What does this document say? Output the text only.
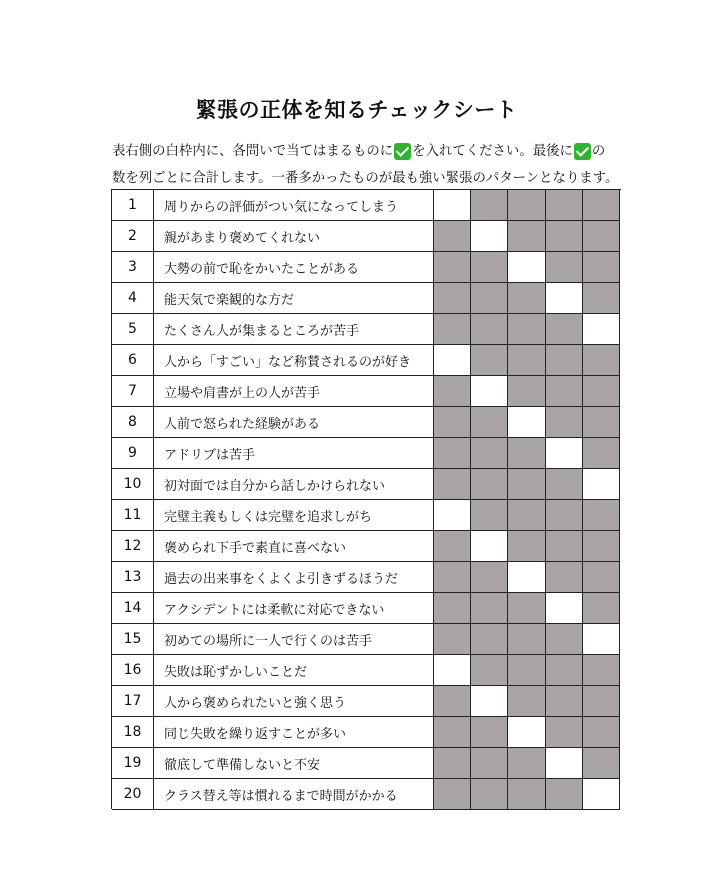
緊張の正体を知るチェックシート
表右側の白枠内に、各問いで当てはまるものに を入れてください。最後に の
数を列ごとに合計します。一番多かったものが最も強い緊張のパターンとなります。
1	周りからの評価がつい気になってしまう
2	親があまり褒めてくれない
3	大勢の前で恥をかいたことがある
4	能天気で楽観的な方だ
5	たくさん人が集まるところが苦手
6	人から「すごい」など称賛されるのが好き
7	立場や肩書が上の人が苦手
8	人前で怒られた経験がある
9	アドリブは苦手
10	初対面では自分から話しかけられない
11	完璧主義もしくは完璧を追求しがち
12	褒められ下手で素直に喜べない
13	過去の出来事をくよくよ引きずるほうだ
14	アクシデントには柔軟に対応できない
15	初めての場所に一人で行くのは苦手
16	失敗は恥ずかしいことだ
17	人から褒められたいと強く思う
18	同じ失敗を繰り返すことが多い
19	徹底して準備しないと不安
20	クラス替え等は慣れるまで時間がかかる
